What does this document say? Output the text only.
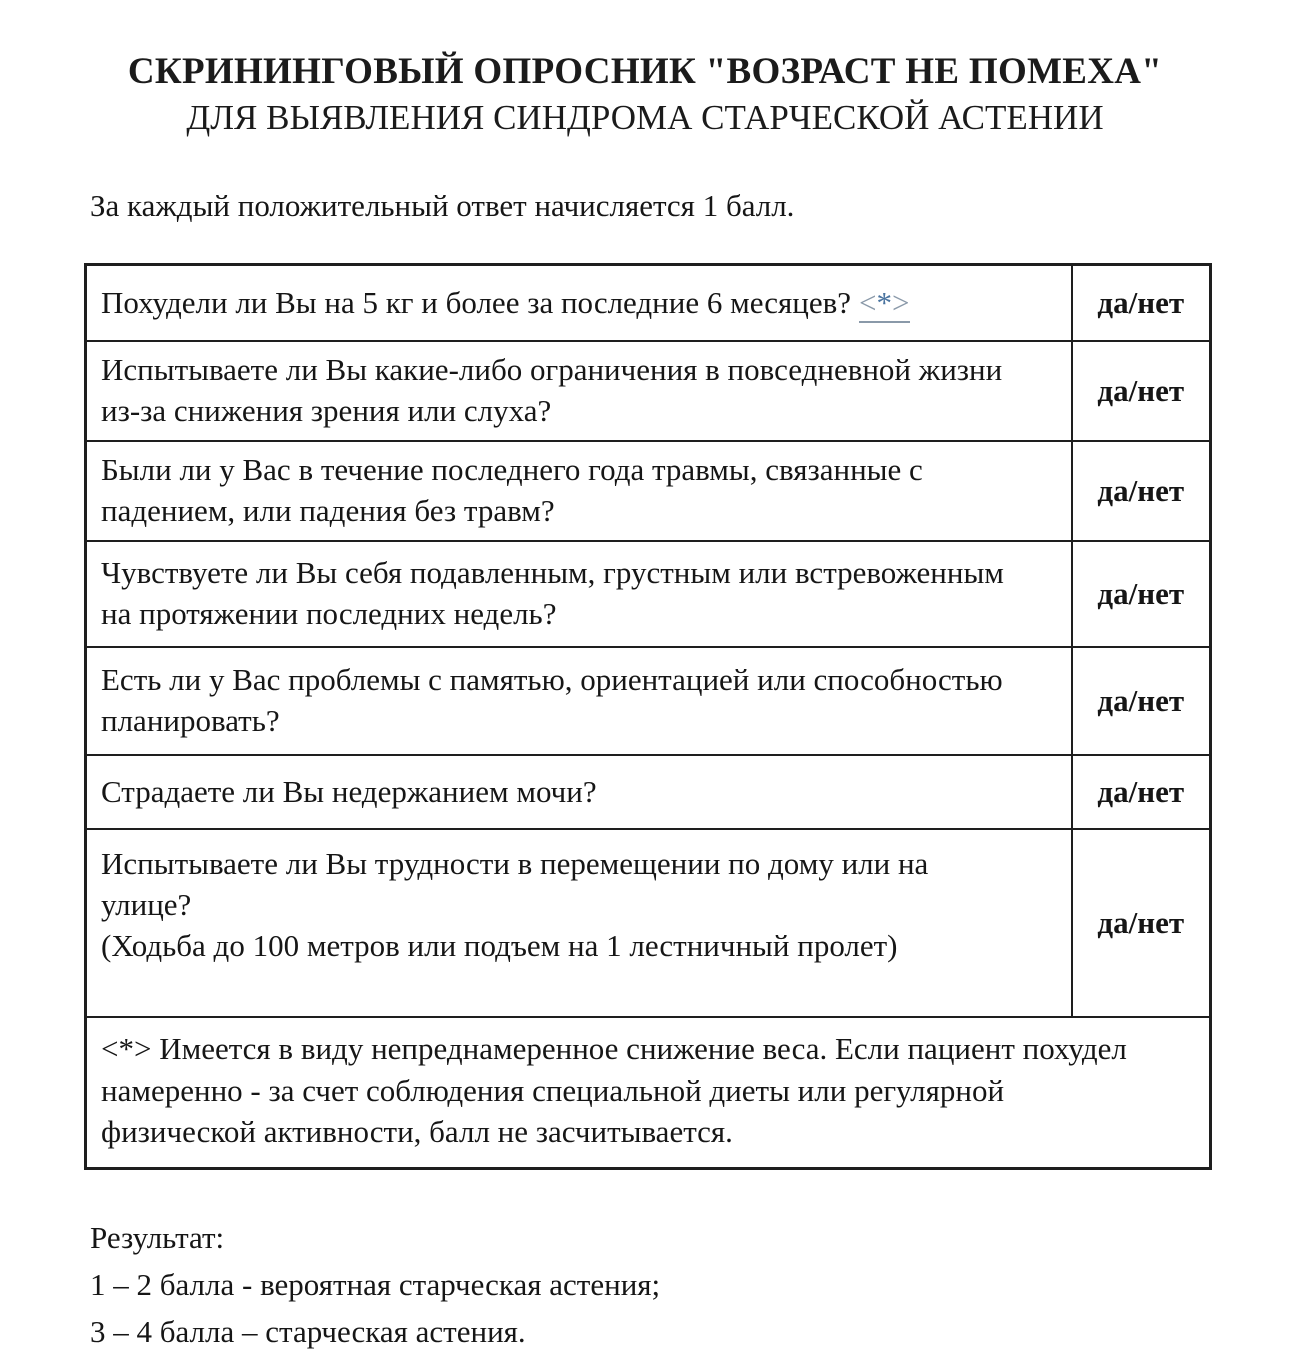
СКРИНИНГОВЫЙ ОПРОСНИК "ВОЗРАСТ НЕ ПОМЕХА"
ДЛЯ ВЫЯВЛЕНИЯ СИНДРОМА СТАРЧЕСКОЙ АСТЕНИИ
За каждый положительный ответ начисляется 1 балл.
Похудели ли Вы на 5 кг и более за последние 6 месяцев? <*>	да/нет

Испытываете ли Вы какие-либо ограничения в повседневной жизни из-за снижения зрения или слуха?	да/нет

Были ли у Вас в течение последнего года травмы, связанные с падением, или падения без травм?	да/нет

Чувствуете ли Вы себя подавленным, грустным или встревоженным на протяжении последних недель?	да/нет

Есть ли у Вас проблемы с памятью, ориентацией или способностью планировать?	да/нет

Страдаете ли Вы недержанием мочи?	да/нет

Испытываете ли Вы трудности в перемещении по дому или на улице?
(Ходьба до 100 метров или подъем на 1 лестничный пролет)	да/нет

<*> Имеется в виду непреднамеренное снижение веса. Если пациент похудел намеренно - за счет соблюдения специальной диеты или регулярной физической активности, балл не засчитывается.	
Результат:
1 – 2 балла - вероятная старческая астения;
3 – 4 балла – старческая астения.
